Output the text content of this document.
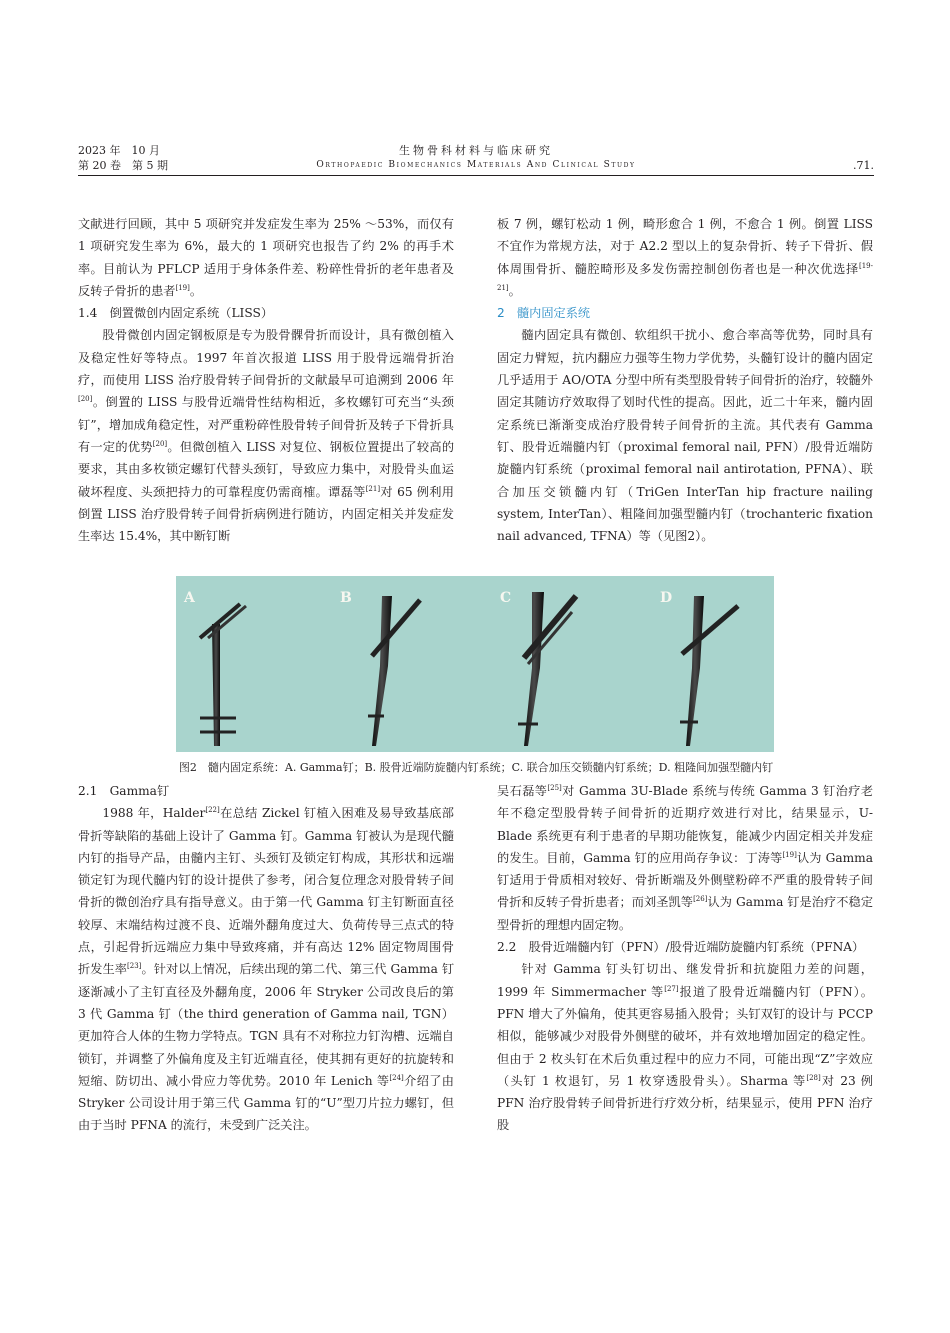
2023 年　10 月
第 20 卷　第 5 期
生物骨科材料与临床研究
Orthopaedic Biomechanics Materials And Clinical Study	.71.

文献进行回顾，其中 5 项研究并发症发生率为 25% ～53%，而仅有 1 项研究发生率为 6%，最大的 1 项研究也报告了约 2% 的再手术率。目前认为 PFLCP 适用于身体条件差、粉碎性骨折的老年患者及反转子骨折的患者[19]。

1.4　倒置微创内固定系统（LISS）

股骨微创内固定钢板原是专为股骨髁骨折而设计，具有微创植入及稳定性好等特点。1997 年首次报道 LISS 用于股骨远端骨折治疗，而使用 LISS 治疗股骨转子间骨折的文献最早可追溯到 2006 年[20]。倒置的 LISS 与股骨近端骨性结构相近，多枚螺钉可充当“头颈钉”，增加成角稳定性，对严重粉碎性股骨转子间骨折及转子下骨折具有一定的优势[20]。但微创植入 LISS 对复位、钢板位置提出了较高的要求，其由多枚锁定螺钉代替头颈钉，导致应力集中，对股骨头血运破坏程度、头颈把持力的可靠程度仍需商榷。谭磊等[21]对 65 例利用倒置 LISS 治疗股骨转子间骨折病例进行随访，内固定相关并发症发生率达 15.4%，其中断钉断

板 7 例，螺钉松动 1 例，畸形愈合 1 例，不愈合 1 例。倒置 LISS 不宜作为常规方法，对于 A2.2 型以上的复杂骨折、转子下骨折、假体周围骨折、髓腔畸形及多发伤需控制创伤者也是一种次优选择[19-21]。

2　髓内固定系统

髓内固定具有微创、软组织干扰小、愈合率高等优势，同时具有固定力臂短，抗内翻应力强等生物力学优势，头髓钉设计的髓内固定几乎适用于 AO/OTA 分型中所有类型股骨转子间骨折的治疗，较髓外固定其随访疗效取得了划时代性的提高。因此，近二十年来，髓内固定系统已渐渐变成治疗股骨转子间骨折的主流。其代表有 Gamma 钉、股骨近端髓内钉（proximal femoral nail, PFN）/股骨近端防旋髓内钉系统（proximal femoral nail antirotation, PFNA）、联合加压交锁髓内钉（TriGen InterTan hip fracture nailing system, InterTan）、粗隆间加强型髓内钉（trochanteric fixation nail advanced, TFNA）等（见图2）。

A	B	C	D
图2　髓内固定系统：A. Gamma钉；B. 股骨近端防旋髓内钉系统；C. 联合加压交锁髓内钉系统；D. 粗隆间加强型髓内钉

2.1　Gamma钉

1988 年，Halder[22]在总结 Zickel 钉植入困难及易导致基底部骨折等缺陷的基础上设计了 Gamma 钉。Gamma 钉被认为是现代髓内钉的指导产品，由髓内主钉、头颈钉及锁定钉构成，其形状和远端锁定钉为现代髓内钉的设计提供了参考，闭合复位理念对股骨转子间骨折的微创治疗具有指导意义。由于第一代 Gamma 钉主钉断面直径较厚、末端结构过渡不良、近端外翻角度过大、负荷传导三点式的特点，引起骨折远端应力集中导致疼痛，并有高达 12% 固定物周围骨折发生率[23]。针对以上情况，后续出现的第二代、第三代 Gamma 钉逐渐减小了主钉直径及外翻角度，2006 年 Stryker 公司改良后的第 3 代 Gamma 钉（the third generation of Gamma nail, TGN）更加符合人体的生物力学特点。TGN 具有不对称拉力钉沟槽、远端自锁钉，并调整了外偏角度及主钉近端直径，使其拥有更好的抗旋转和短缩、防切出、减小骨应力等优势。2010 年 Lenich 等[24]介绍了由 Stryker 公司设计用于第三代 Gamma 钉的“U”型刀片拉力螺钉，但由于当时 PFNA 的流行，未受到广泛关注。

吴石磊等[25]对 Gamma 3U-Blade 系统与传统 Gamma 3 钉治疗老年不稳定型股骨转子间骨折的近期疗效进行对比，结果显示，U-Blade 系统更有利于患者的早期功能恢复，能减少内固定相关并发症的发生。目前，Gamma 钉的应用尚存争议：丁涛等[19]认为 Gamma 钉适用于骨质相对较好、骨折断端及外侧壁粉碎不严重的股骨转子间骨折和反转子骨折患者；而刘圣凯等[26]认为 Gamma 钉是治疗不稳定型骨折的理想内固定物。

2.2　股骨近端髓内钉（PFN）/股骨近端防旋髓内钉系统（PFNA）

针对 Gamma 钉头钉切出、继发骨折和抗旋阻力差的问题，1999 年 Simmermacher 等[27]报道了股骨近端髓内钉（PFN）。PFN 增大了外偏角，使其更容易插入股骨；头钉双钉的设计与 PCCP 相似，能够减少对股骨外侧壁的破坏，并有效地增加固定的稳定性。但由于 2 枚头钉在术后负重过程中的应力不同，可能出现“Z”字效应（头钉 1 枚退钉，另 1 枚穿透股骨头）。Sharma 等[28]对 23 例 PFN 治疗股骨转子间骨折进行疗效分析，结果显示，使用 PFN 治疗股
